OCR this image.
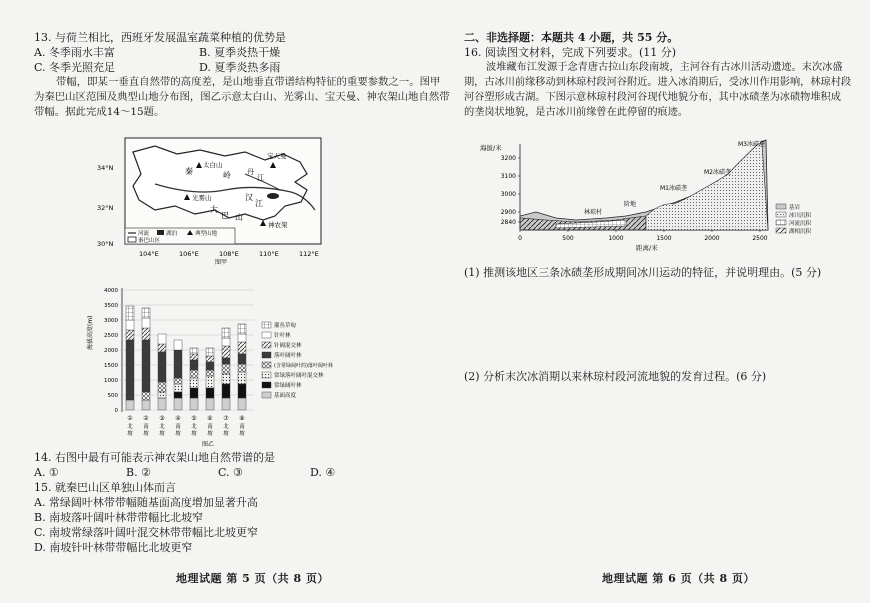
13. 与荷兰相比，西班牙发展温室蔬菜种植的优势是
A. 冬季雨水丰富	B. 夏季炎热干燥
C. 冬季光照充足	D. 夏季炎热多雨
带幅，即某一垂直自然带的高度差，是山地垂直带谱结构特征的重要参数之一。图甲
为秦巴山区范围及典型山地分布图，图乙示意太白山、光雾山、宝天曼、神农架山地自然带
带幅。据此完成14～15题。
太白山
光雾山
宝天曼
神农架
秦	岭
汉
江
大
巴 山
丹
江
34°N
32°N
30°N
河流	湖泊	典型山地
秦巴山区
104°E	106°E	108°E	110°E	112°E
图甲
0
500
1000
1500
2000
2500
3000
3500
4000
海拔高度(m)
① ② ③ ④ ⑤ ⑥ ⑦ ⑧
北
坡
南
坡
北
坡
南
坡
北
坡
南
坡
北
坡
南
坡
图乙
灌丛草甸
针叶林
针阔混交林
落叶阔叶林
(含常绿阔叶的)落叶阔叶林
常绿落叶阔叶混交林
常绿阔叶林
基面高度
14. 右图中最有可能表示神农架山地自然带谱的是
A. ①	B. ②	C. ③	D. ④
15. 就秦巴山区单独山体而言
A. 常绿阔叶林带带幅随基面高度增加显著升高
B. 南坡落叶阔叶林带带幅比北坡窄
C. 南坡常绿落叶阔叶混交林带带幅比北坡更窄
D. 南坡针叶林带带幅比北坡更窄
地理试题 第 5 页（共 8 页）
二、非选择题：本题共 4 小题，共 55 分。
16. 阅读图文材料，完成下列要求。(11 分)
波堆藏布江发源于念青唐古拉山东段南坡，主河谷有古冰川活动遗迹。末次冰盛
期，古冰川前缘移动到林琼村段河谷附近。进入冰消期后，受冰川作用影响，林琼村段
河谷塑形成古湖。下图示意林琼村段河谷现代地貌分布，其中冰碛垄为冰碛物堆积成
的垄岗状地貌，是古冰川前缘曾在此停留的痕迹。
海拔/米
2840
2900
3000
3100
3200
0	500	1000	1500	2000	2500
距离/米
M3冰碛垄
M2冰碛垄
M1冰碛垄
林琼村
阶地	基岩
冰川沉积
河流沉积
湖相沉积
(1) 推测该地区三条冰碛垄形成期间冰川运动的特征，并说明理由。(5 分)
(2) 分析末次冰消期以来林琼村段河流地貌的发育过程。(6 分)
地理试题 第 6 页（共 8 页）
